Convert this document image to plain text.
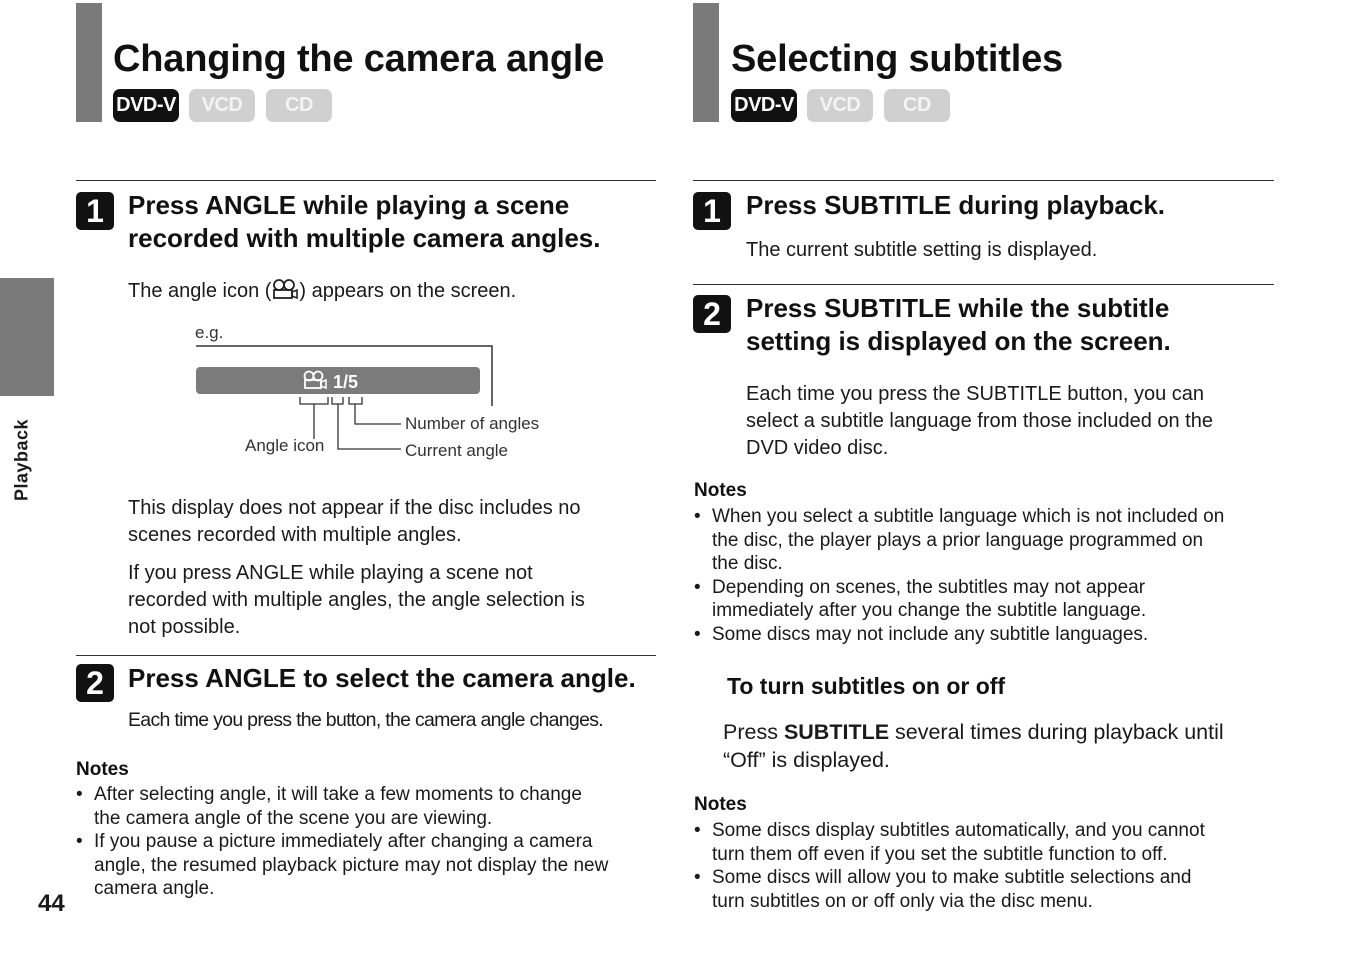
Playback
44
Changing the camera angle
DVD-V	VCD	CD
1 Press ANGLE while playing a scene
recorded with multiple camera angles.
The angle icon ( ) appears on the screen.
e.g.
1/5
Number of angles
Current angle
Angle icon
This display does not appear if the disc includes no
scenes recorded with multiple angles.
If you press ANGLE while playing a scene not
recorded with multiple angles, the angle selection is
not possible.
2 Press ANGLE to select the camera angle.
Each time you press the button, the camera angle changes.
Notes
• After selecting angle, it will take a few moments to change
the camera angle of the scene you are viewing.
• If you pause a picture immediately after changing a camera
angle, the resumed playback picture may not display the new
camera angle.
Selecting subtitles
DVD-V	VCD	CD
1 Press SUBTITLE during playback.
The current subtitle setting is displayed.
2 Press SUBTITLE while the subtitle
setting is displayed on the screen.
Each time you press the SUBTITLE button, you can
select a subtitle language from those included on the
DVD video disc.
Notes
• When you select a subtitle language which is not included on
the disc, the player plays a prior language programmed on
the disc.
• Depending on scenes, the subtitles may not appear
immediately after you change the subtitle language.
• Some discs may not include any subtitle languages.
To turn subtitles on or off
Press SUBTITLE several times during playback until
“Off” is displayed.
Notes
• Some discs display subtitles automatically, and you cannot
turn them off even if you set the subtitle function to off.
• Some discs will allow you to make subtitle selections and
turn subtitles on or off only via the disc menu.
